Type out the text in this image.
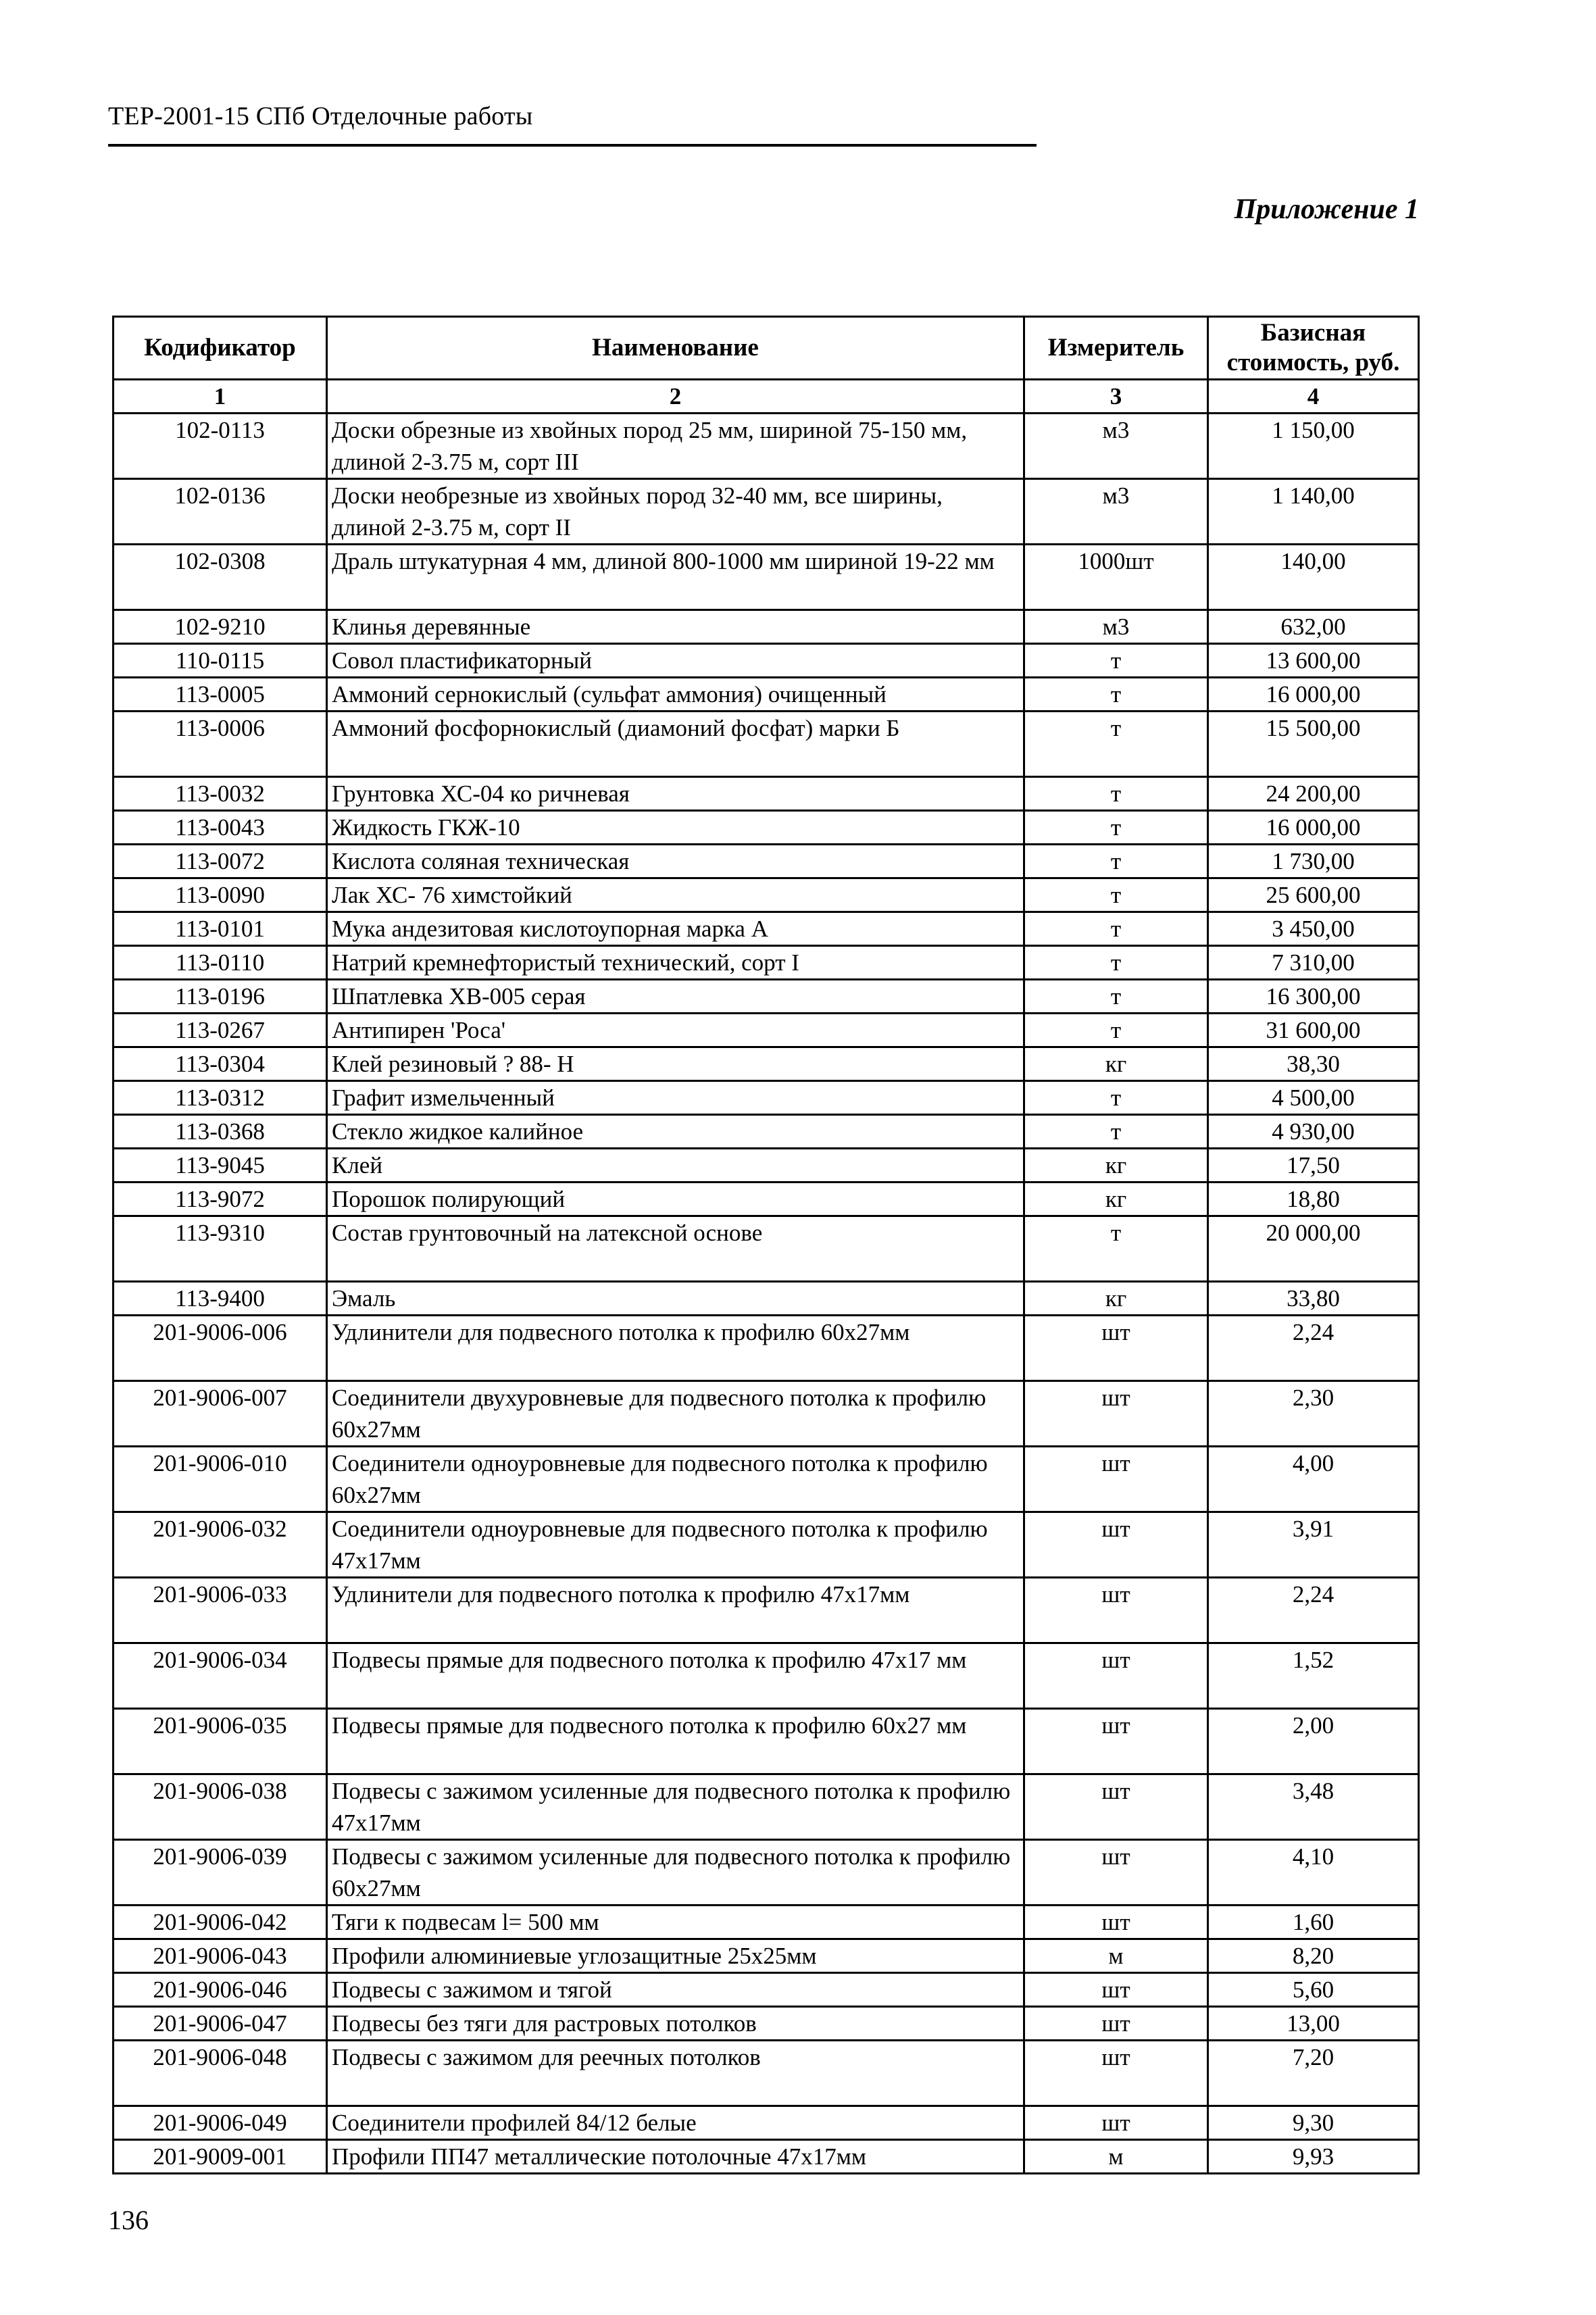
ТЕР-2001-15 СПб Отделочные работы
Приложение 1
Кодификатор	Наименование	Измеритель	Базисная стоимость, руб.
1	2	3	4
102-0113	Доски обрезные из хвойных пород 25 мм, шириной 75-150 мм, длиной 2-3.75 м, сорт III	м3	1 150,00
102-0136	Доски необрезные из хвойных пород 32-40 мм, все ширины, длиной 2-3.75 м, сорт II	м3	1 140,00
102-0308	Драль штукатурная 4 мм, длиной 800-1000 мм шириной 19-22 мм	1000шт	140,00
102-9210	Клинья деревянные	м3	632,00
110-0115	Совол пластификаторный	т	13 600,00
113-0005	Аммоний сернокислый (сульфат аммония) очищенный	т	16 000,00
113-0006	Аммоний фосфорнокислый (диамоний фосфат) марки Б	т	15 500,00
113-0032	Грунтовка ХС-04 ко ричневая	т	24 200,00
113-0043	Жидкость ГКЖ-10	т	16 000,00
113-0072	Кислота соляная техническая	т	1 730,00
113-0090	Лак ХС- 76 химстойкий	т	25 600,00
113-0101	Мука андезитовая кислотоупорная марка А	т	3 450,00
113-0110	Натрий кремнефтористый технический, сорт I	т	7 310,00
113-0196	Шпатлевка ХВ-005 серая	т	16 300,00
113-0267	Антипирен 'Роса'	т	31 600,00
113-0304	Клей резиновый ? 88- Н	кг	38,30
113-0312	Графит измельченный	т	4 500,00
113-0368	Стекло жидкое калийное	т	4 930,00
113-9045	Клей	кг	17,50
113-9072	Порошок полирующий	кг	18,80
113-9310	Состав грунтовочный на латексной основе	т	20 000,00
113-9400	Эмаль	кг	33,80
201-9006-006	Удлинители для подвесного потолка к профилю 60х27мм	шт	2,24
201-9006-007	Соединители двухуровневые для подвесного потолка к профилю 60х27мм	шт	2,30
201-9006-010	Соединители одноуровневые для подвесного потолка к профилю 60х27мм	шт	4,00
201-9006-032	Соединители одноуровневые для подвесного потолка к профилю 47х17мм	шт	3,91
201-9006-033	Удлинители для подвесного потолка к профилю 47х17мм	шт	2,24
201-9006-034	Подвесы прямые для подвесного потолка к профилю 47х17 мм	шт	1,52
201-9006-035	Подвесы прямые для подвесного потолка к профилю 60х27 мм	шт	2,00
201-9006-038	Подвесы с зажимом усиленные для подвесного потолка к профилю 47х17мм	шт	3,48
201-9006-039	Подвесы с зажимом усиленные для подвесного потолка к профилю 60х27мм	шт	4,10
201-9006-042	Тяги к подвесам l= 500 мм	шт	1,60
201-9006-043	Профили алюминиевые углозащитные 25х25мм	м	8,20
201-9006-046	Подвесы с зажимом и тягой	шт	5,60
201-9006-047	Подвесы без тяги для растровых потолков	шт	13,00
201-9006-048	Подвесы с зажимом для реечных потолков	шт	7,20
201-9006-049	Соединители профилей 84/12 белые	шт	9,30
201-9009-001	Профили ПП47 металлические потолочные 47х17мм	м	9,93
136
